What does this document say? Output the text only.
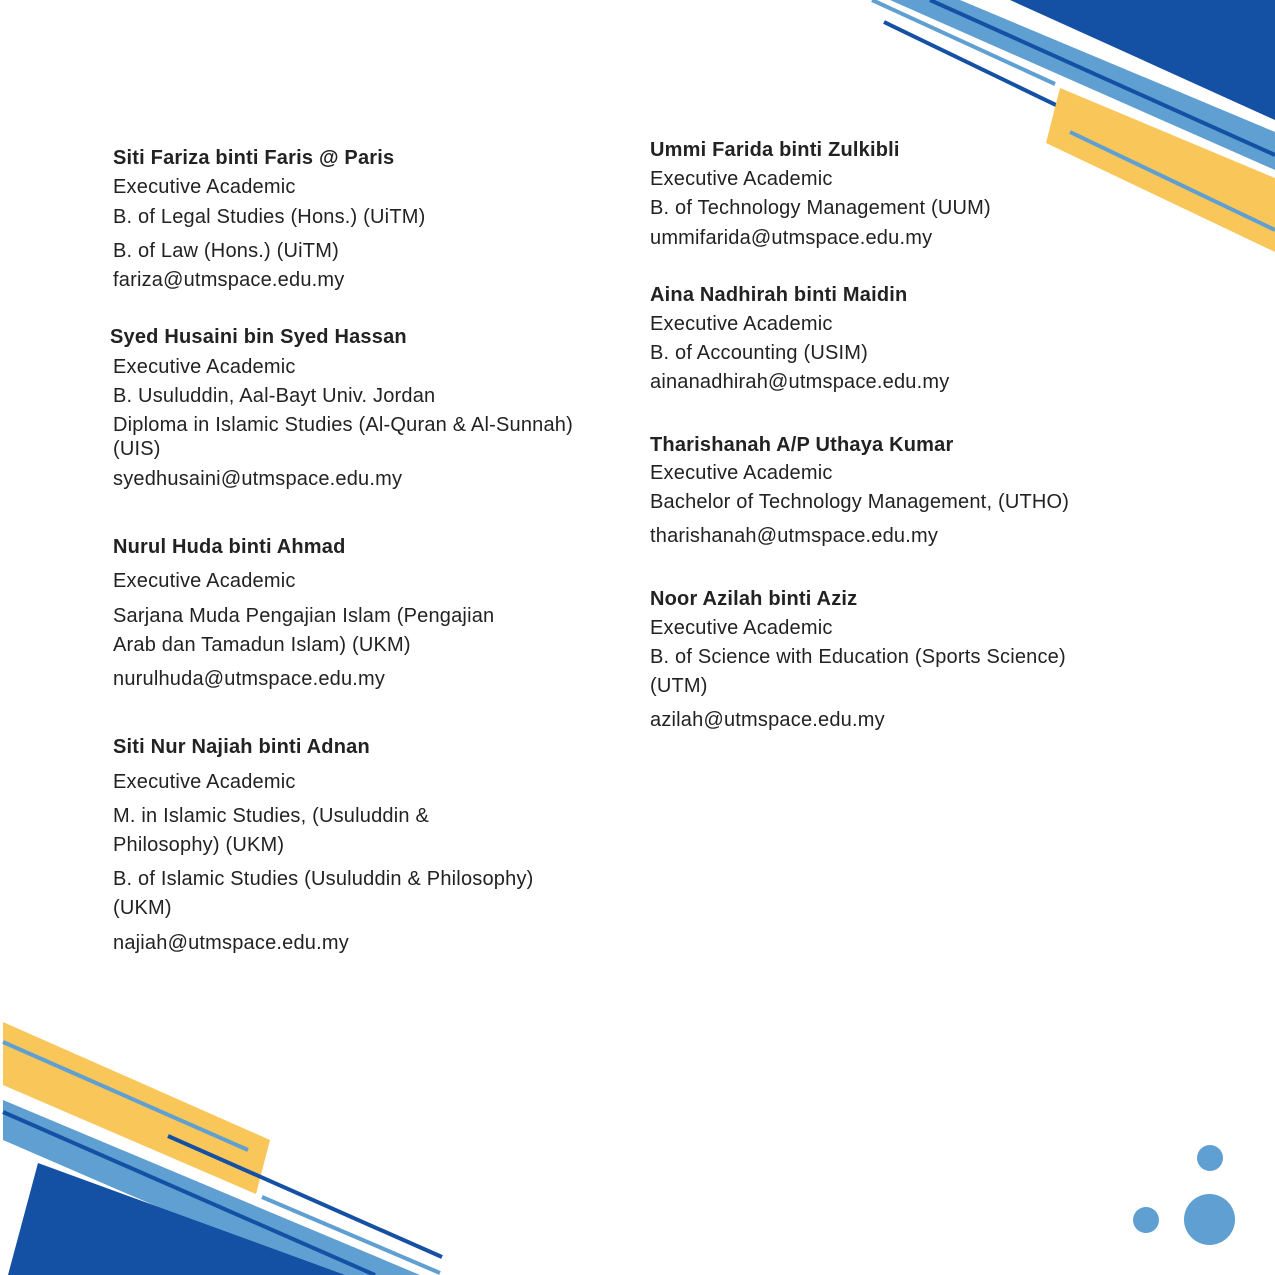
Siti Fariza binti Faris @ Paris
Executive Academic
B. of Legal Studies (Hons.) (UiTM)
B. of Law (Hons.) (UiTM)
fariza@utmspace.edu.my
Syed Husaini bin Syed Hassan
Executive Academic
B. Usuluddin, Aal-Bayt Univ. Jordan
Diploma in Islamic Studies (Al-Quran & Al-Sunnah)
(UIS)
syedhusaini@utmspace.edu.my
Nurul Huda binti Ahmad
Executive Academic
Sarjana Muda Pengajian Islam (Pengajian
Arab dan Tamadun Islam) (UKM)
nurulhuda@utmspace.edu.my
Siti Nur Najiah binti Adnan
Executive Academic
M. in Islamic Studies, (Usuluddin &
Philosophy) (UKM)
B. of Islamic Studies (Usuluddin & Philosophy)
(UKM)
najiah@utmspace.edu.my
Ummi Farida binti Zulkibli
Executive Academic
B. of Technology Management (UUM)
ummifarida@utmspace.edu.my
Aina Nadhirah binti Maidin
Executive Academic
B. of Accounting (USIM)
ainanadhirah@utmspace.edu.my
Tharishanah A/P Uthaya Kumar
Executive Academic
Bachelor of Technology Management, (UTHO)
tharishanah@utmspace.edu.my
Noor Azilah binti Aziz
Executive Academic
B. of Science with Education (Sports Science)
(UTM)
azilah@utmspace.edu.my
